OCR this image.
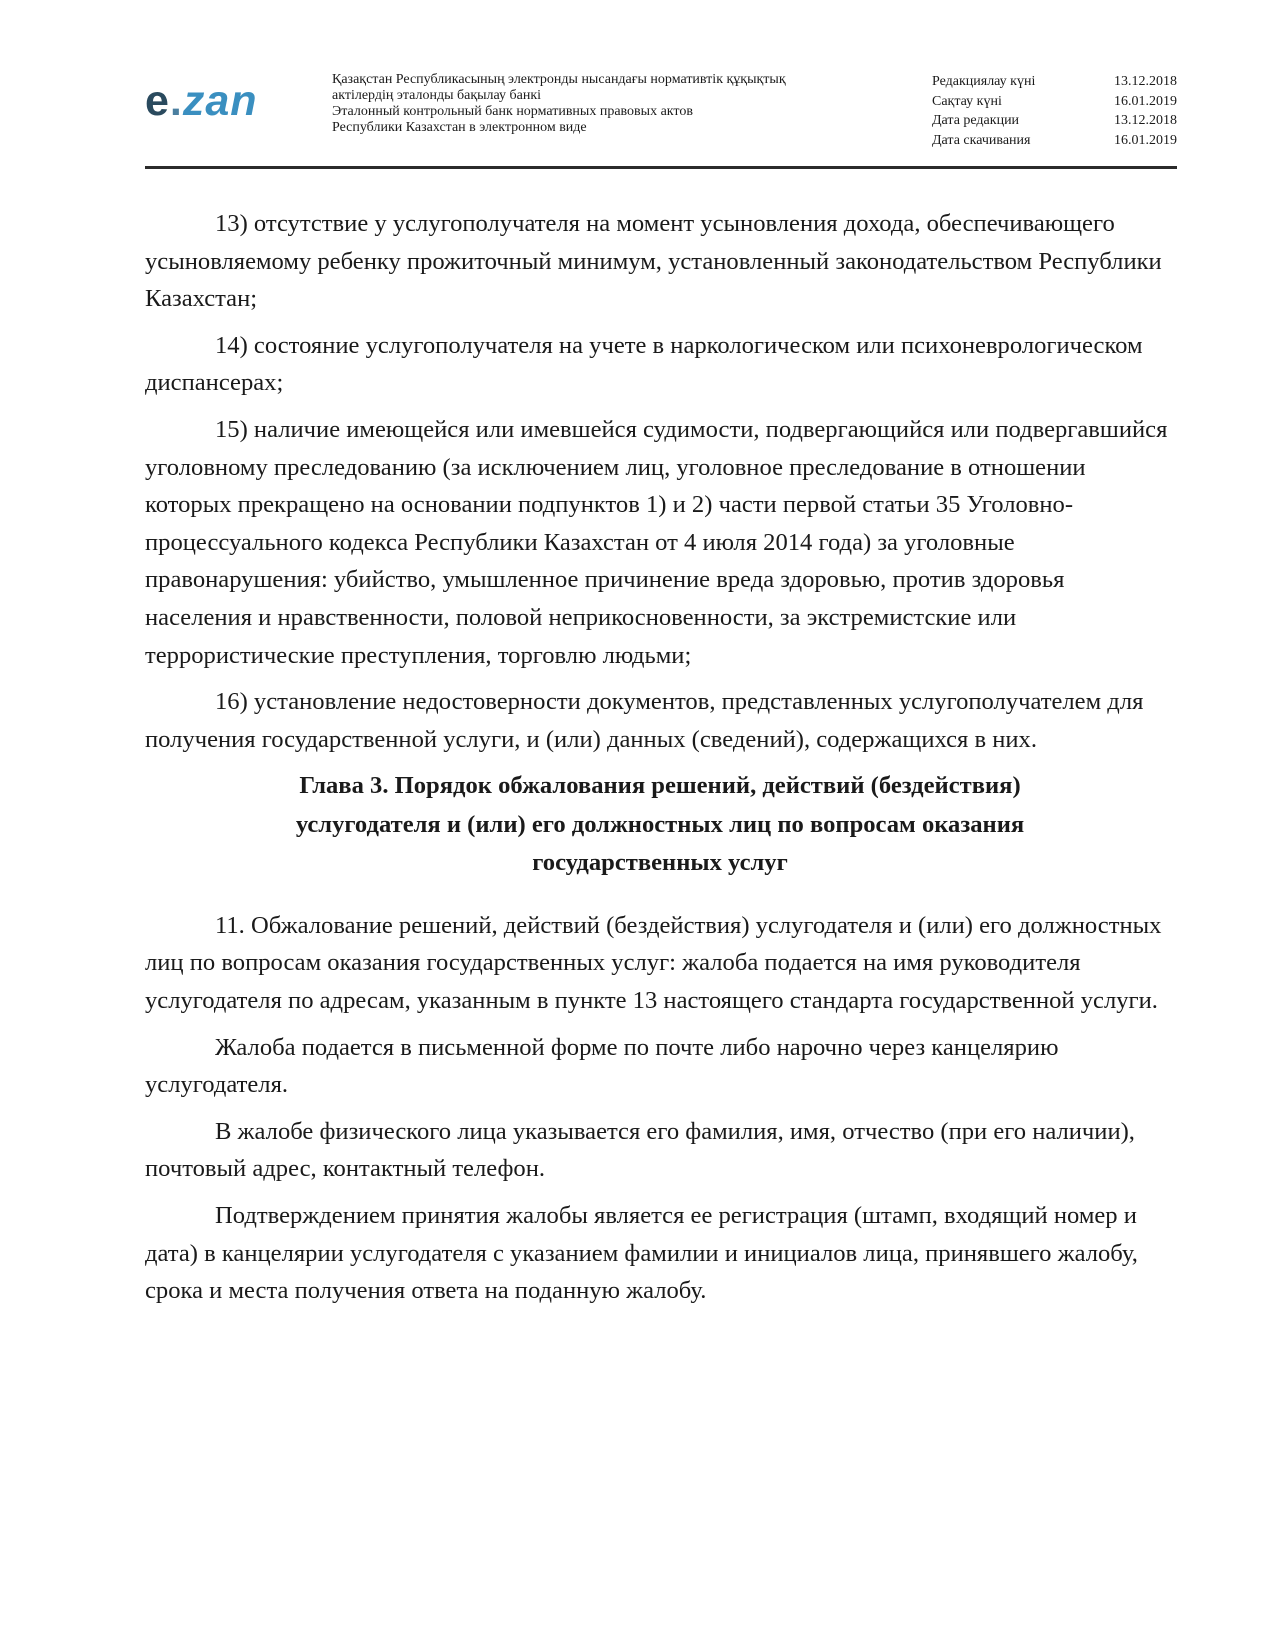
e.zan	Қазақстан Республикасының электронды нысандағы нормативтік құқықтық
актілердің эталонды бақылау банкі
Эталонный контрольный банк нормативных правовых актов
Республики Казахстан в электронном виде
Редакциялау күні	13.12.2018
Сақтау күні	16.01.2019
Дата редакции	13.12.2018
Дата скачивания	16.01.2019

13) отсутствие у услугополучателя на момент усыновления дохода, обеспечивающего усыновляемому ребенку прожиточный минимум, установленный законодательством Республики Казахстан;

14) состояние услугополучателя на учете в наркологическом или психоневрологическом диспансерах;

15) наличие имеющейся или имевшейся судимости, подвергающийся или подвергавшийся уголовному преследованию (за исключением лиц, уголовное преследование в отношении которых прекращено на основании подпунктов 1) и 2) части первой статьи 35 Уголовно-процессуального кодекса Республики Казахстан от 4 июля 2014 года) за уголовные правонарушения: убийство, умышленное причинение вреда здоровью, против здоровья населения и нравственности, половой неприкосновенности, за экстремистские или террористические преступления, торговлю людьми;

16) установление недостоверности документов, представленных услугополучателем для получения государственной услуги, и (или) данных (сведений), содержащихся в них.

Глава 3. Порядок обжалования решений, действий (бездействия)
услугодателя и (или) его должностных лиц по вопросам оказания
государственных услуг

11. Обжалование решений, действий (бездействия) услугодателя и (или) его должностных лиц по вопросам оказания государственных услуг: жалоба подается на имя руководителя услугодателя по адресам, указанным в пункте 13 настоящего стандарта государственной услуги.

Жалоба подается в письменной форме по почте либо нарочно через канцелярию услугодателя.

В жалобе физического лица указывается его фамилия, имя, отчество (при его наличии), почтовый адрес, контактный телефон.

Подтверждением принятия жалобы является ее регистрация (штамп, входящий номер и дата) в канцелярии услугодателя с указанием фамилии и инициалов лица, принявшего жалобу, срока и места получения ответа на поданную жалобу.
